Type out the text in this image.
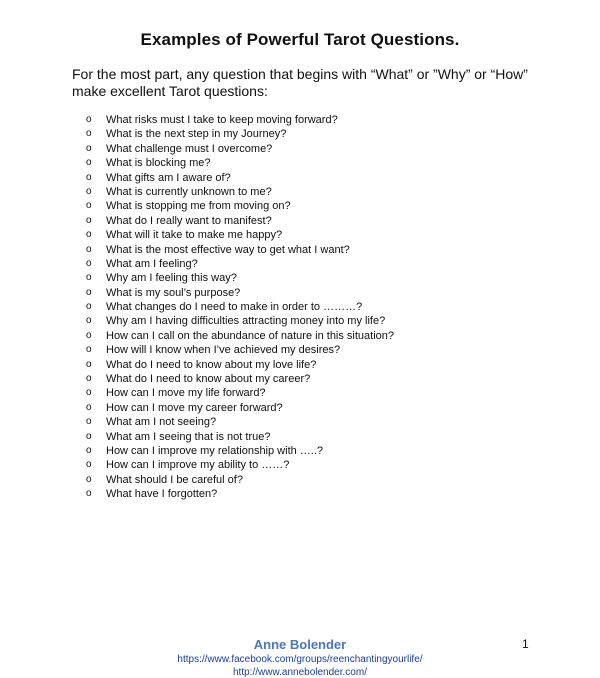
Examples of Powerful Tarot Questions.
For the most part, any question that begins with “What” or ”Why” or “How” make excellent Tarot questions:
o What risks must I take to keep moving forward?
o What is the next step in my Journey?
o What challenge must I overcome?
o What is blocking me?
o What gifts am I aware of?
o What is currently unknown to me?
o What is stopping me from moving on?
o What do I really want to manifest?
o What will it take to make me happy?
o What is the most effective way to get what I want?
o What am I feeling?
o Why am I feeling this way?
o What is my soul’s purpose?
o What changes do I need to make in order to ………?
o Why am I having difficulties attracting money into my life?
o How can I call on the abundance of nature in this situation?
o How will I know when I’ve achieved my desires?
o What do I need to know about my love life?
o What do I need to know about my career?
o How can I move my life forward?
o How can I move my career forward?
o What am I not seeing?
o What am I seeing that is not true?
o How can I improve my relationship with …..?
o How can I improve my ability to ……?
o What should I be careful of?
o What have I forgotten?
Anne Bolender
https://www.facebook.com/groups/reenchantingyourlife/
http://www.annebolender.com/
1
